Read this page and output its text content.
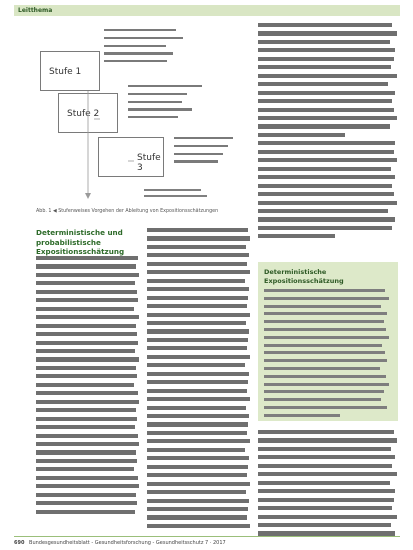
Leitthema
Stufe 1
Stufe 2
Stufe 3
Abb. 1 ◀ Stufenweises Vorgehen der Ableitung von Expositionsschätzungen
Deterministische und probabilistische Expositionsschätzung
Deterministische Expositionsschätzung
690 Bundesgesundheitsblatt - Gesundheitsforschung - Gesundheitsschutz 7 · 2017
